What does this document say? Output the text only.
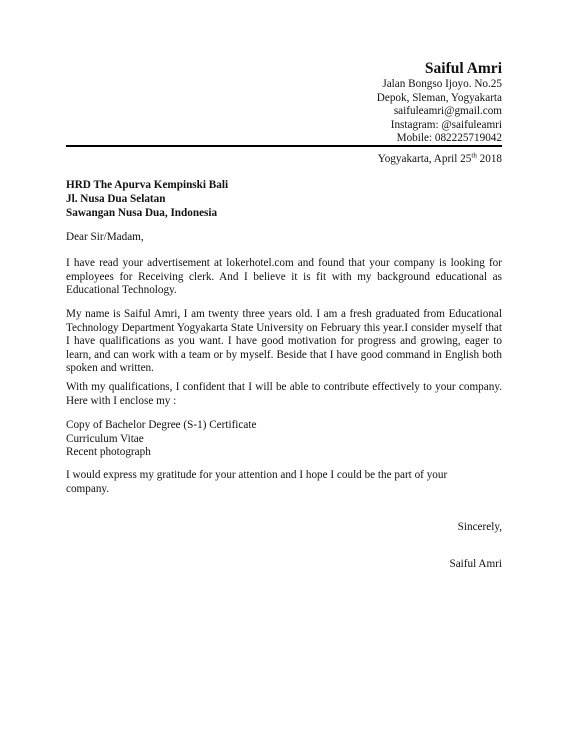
Saiful Amri
Jalan Bongso Ijoyo. No.25
Depok, Sleman, Yogyakarta
saifuleamri@gmail.com
Instagram: @saifuleamri
Mobile: 082225719042
Yogyakarta, April 25th 2018
HRD The Apurva Kempinski Bali
Jl. Nusa Dua Selatan
Sawangan Nusa Dua, Indonesia
Dear Sir/Madam,
I have read your advertisement at lokerhotel.com and found that your company is looking for employees for Receiving clerk. And I believe it is fit with my background educational as Educational Technology.
My name is Saiful Amri, I am twenty three years old. I am a fresh graduated from Educational Technology Department Yogyakarta State University on February this year.I consider myself that I have qualifications as you want. I have good motivation for progress and growing, eager to learn, and can work with a team or by myself. Beside that I have good command in English both spoken and written.
With my qualifications, I confident that I will be able to contribute effectively to your company. Here with I enclose my :
Copy of Bachelor Degree (S-1) Certificate
Curriculum Vitae
Recent photograph
I would express my gratitude for your attention and I hope I could be the part of your
company.
Sincerely,
Saiful Amri
